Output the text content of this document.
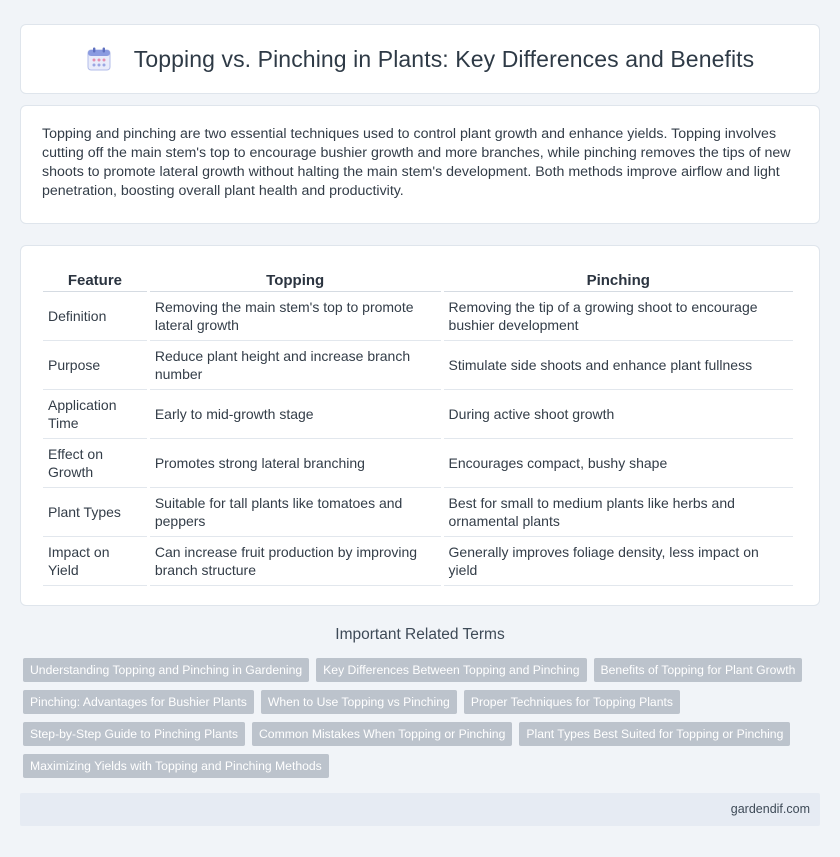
Topping vs. Pinching in Plants: Key Differences and Benefits

Topping and pinching are two essential techniques used to control plant growth and enhance yields. Topping involves cutting off the main stem's top to encourage bushier growth and more branches, while pinching removes the tips of new shoots to promote lateral growth without halting the main stem's development. Both methods improve airflow and light penetration, boosting overall plant health and productivity.

Feature	Topping	Pinching
Definition	Removing the main stem's top to promote lateral growth	Removing the tip of a growing shoot to encourage bushier development
Purpose	Reduce plant height and increase branch number	Stimulate side shoots and enhance plant fullness
Application Time	Early to mid-growth stage	During active shoot growth
Effect on Growth	Promotes strong lateral branching	Encourages compact, bushy shape
Plant Types	Suitable for tall plants like tomatoes and peppers	Best for small to medium plants like herbs and ornamental plants
Impact on Yield	Can increase fruit production by improving branch structure	Generally improves foliage density, less impact on yield
Important Related Terms
Understanding Topping and Pinching in Gardening	Key Differences Between Topping and Pinching	Benefits of Topping for Plant Growth
Pinching: Advantages for Bushier Plants	When to Use Topping vs Pinching	Proper Techniques for Topping Plants
Step-by-Step Guide to Pinching Plants	Common Mistakes When Topping or Pinching	Plant Types Best Suited for Topping or Pinching
Maximizing Yields with Topping and Pinching Methods
gardendif.com
